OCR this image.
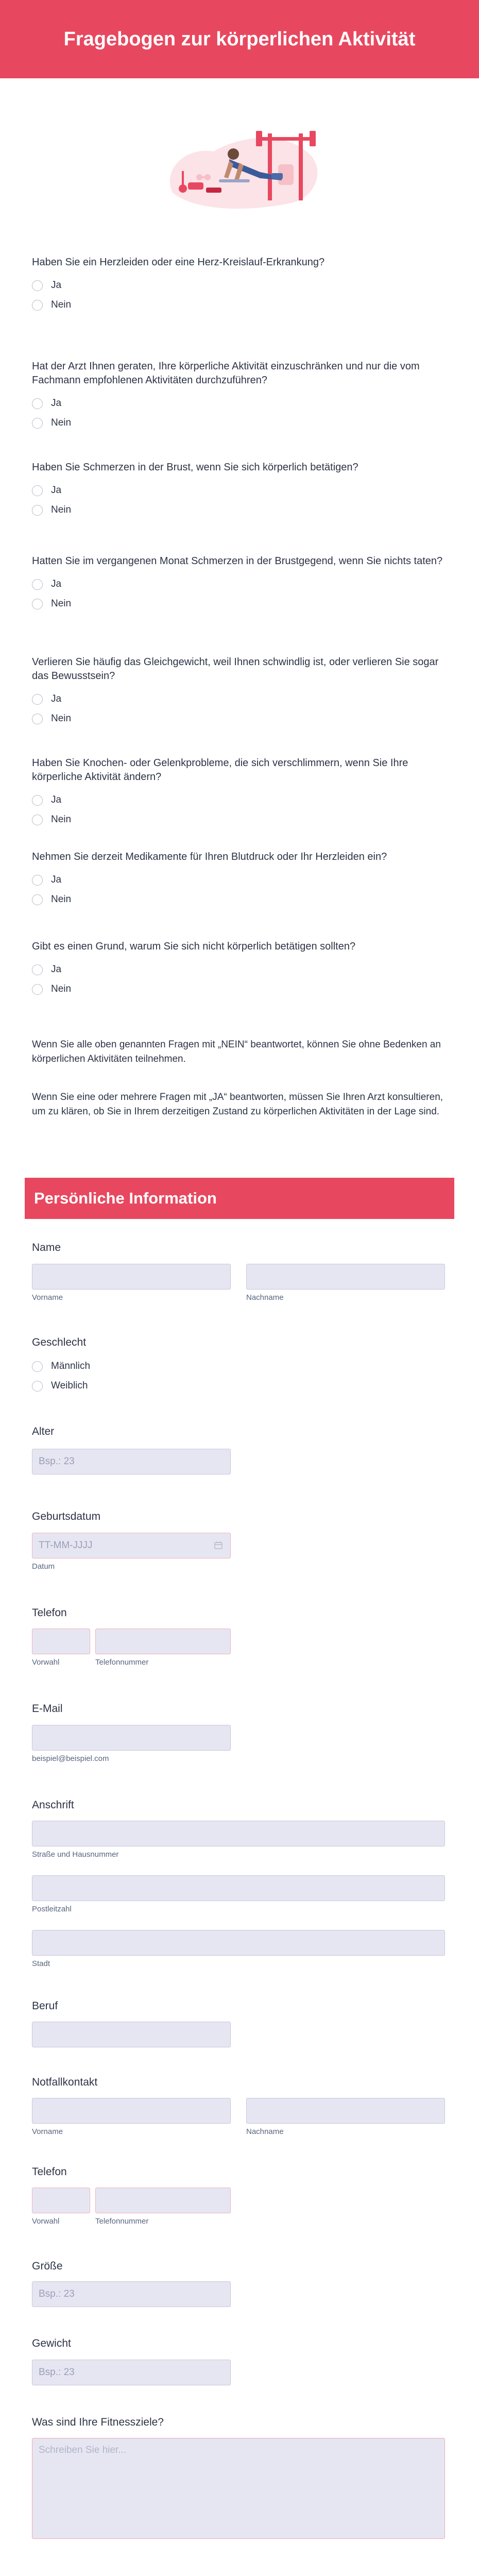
Fragebogen zur körperlichen Aktivität

Haben Sie ein Herzleiden oder eine Herz-Kreislauf-Erkrankung?

Ja
Nein

Hat der Arzt Ihnen geraten, Ihre körperliche Aktivität einzuschränken und nur die vom Fachmann empfohlenen Aktivitäten durchzuführen?

Ja
Nein

Haben Sie Schmerzen in der Brust, wenn Sie sich körperlich betätigen?

Ja
Nein

Hatten Sie im vergangenen Monat Schmerzen in der Brustgegend, wenn Sie nichts taten?

Ja
Nein

Verlieren Sie häufig das Gleichgewicht, weil Ihnen schwindlig ist, oder verlieren Sie sogar das Bewusstsein?

Ja
Nein

Haben Sie Knochen- oder Gelenkprobleme, die sich verschlimmern, wenn Sie Ihre körperliche Aktivität ändern?

Ja
Nein

Nehmen Sie derzeit Medikamente für Ihren Blutdruck oder Ihr Herzleiden ein?

Ja
Nein

Gibt es einen Grund, warum Sie sich nicht körperlich betätigen sollten?

Ja
Nein

Wenn Sie alle oben genannten Fragen mit „NEIN“ beantwortet, können Sie ohne Bedenken an körperlichen Aktivitäten teilnehmen.

Wenn Sie eine oder mehrere Fragen mit „JA“ beantworten, müssen Sie Ihren Arzt konsultieren, um zu klären, ob Sie in Ihrem derzeitigen Zustand zu körperlichen Aktivitäten in der Lage sind.

Persönliche Information

Name

Vorname	Nachname

Geschlecht

Männlich
Weiblich

Alter

Bsp.: 23

Geburtsdatum

TT-MM-JJJJ
Datum

Telefon

Vorwahl	Telefonnummer

E-Mail

beispiel@beispiel.com

Anschrift

Straße und Hausnummer
Postleitzahl
Stadt

Beruf

Notfallkontakt

Vorname	Nachname

Telefon

Vorwahl	Telefonnummer

Größe

Bsp.: 23

Gewicht

Bsp.: 23

Was sind Ihre Fitnessziele?

Schreiben Sie hier...
